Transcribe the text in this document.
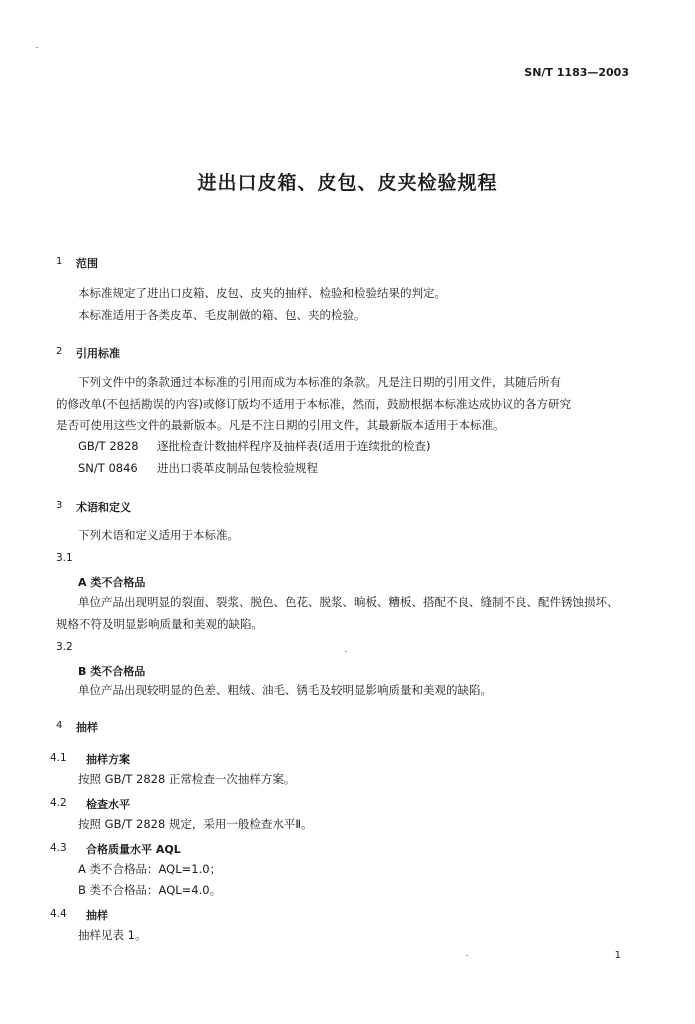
SN/T 1183—2003
进出口皮箱、皮包、皮夹检验规程
1 范围
本标准规定了进出口皮箱、皮包、皮夹的抽样、检验和检验结果的判定。
本标准适用于各类皮革、毛皮制做的箱、包、夹的检验。
2 引用标准
下列文件中的条款通过本标准的引用而成为本标准的条款。凡是注日期的引用文件，其随后所有
的修改单(不包括勘误的内容)或修订版均不适用于本标准，然而，鼓励根据本标准达成协议的各方研究
是否可使用这些文件的最新版本。凡是不注日期的引用文件，其最新版本适用于本标准。
GB/T 2828 逐批检查计数抽样程序及抽样表(适用于连续批的检查)
SN/T 0846 进出口裘革皮制品包装检验规程
3 术语和定义
下列术语和定义适用于本标准。
3.1
A 类不合格品
单位产品出现明显的裂面、裂浆、脱色、色花、脱浆、晌板、糟板、搭配不良、缝制不良、配件锈蚀损坏、
规格不符及明显影响质量和美观的缺陷。
3.2
B 类不合格品
单位产品出现较明显的色差、粗绒、油毛、锈毛及较明显影响质量和美观的缺陷。
4 抽样
4.1 抽样方案
按照 GB/T 2828 正常检查一次抽样方案。
4.2 检查水平
按照 GB/T 2828 规定，采用一般检查水平Ⅱ。
4.3 合格质量水平 AQL
A 类不合格品：AQL=1.0；
B 类不合格品：AQL=4.0。
4.4 抽样
抽样见表 1。
1
